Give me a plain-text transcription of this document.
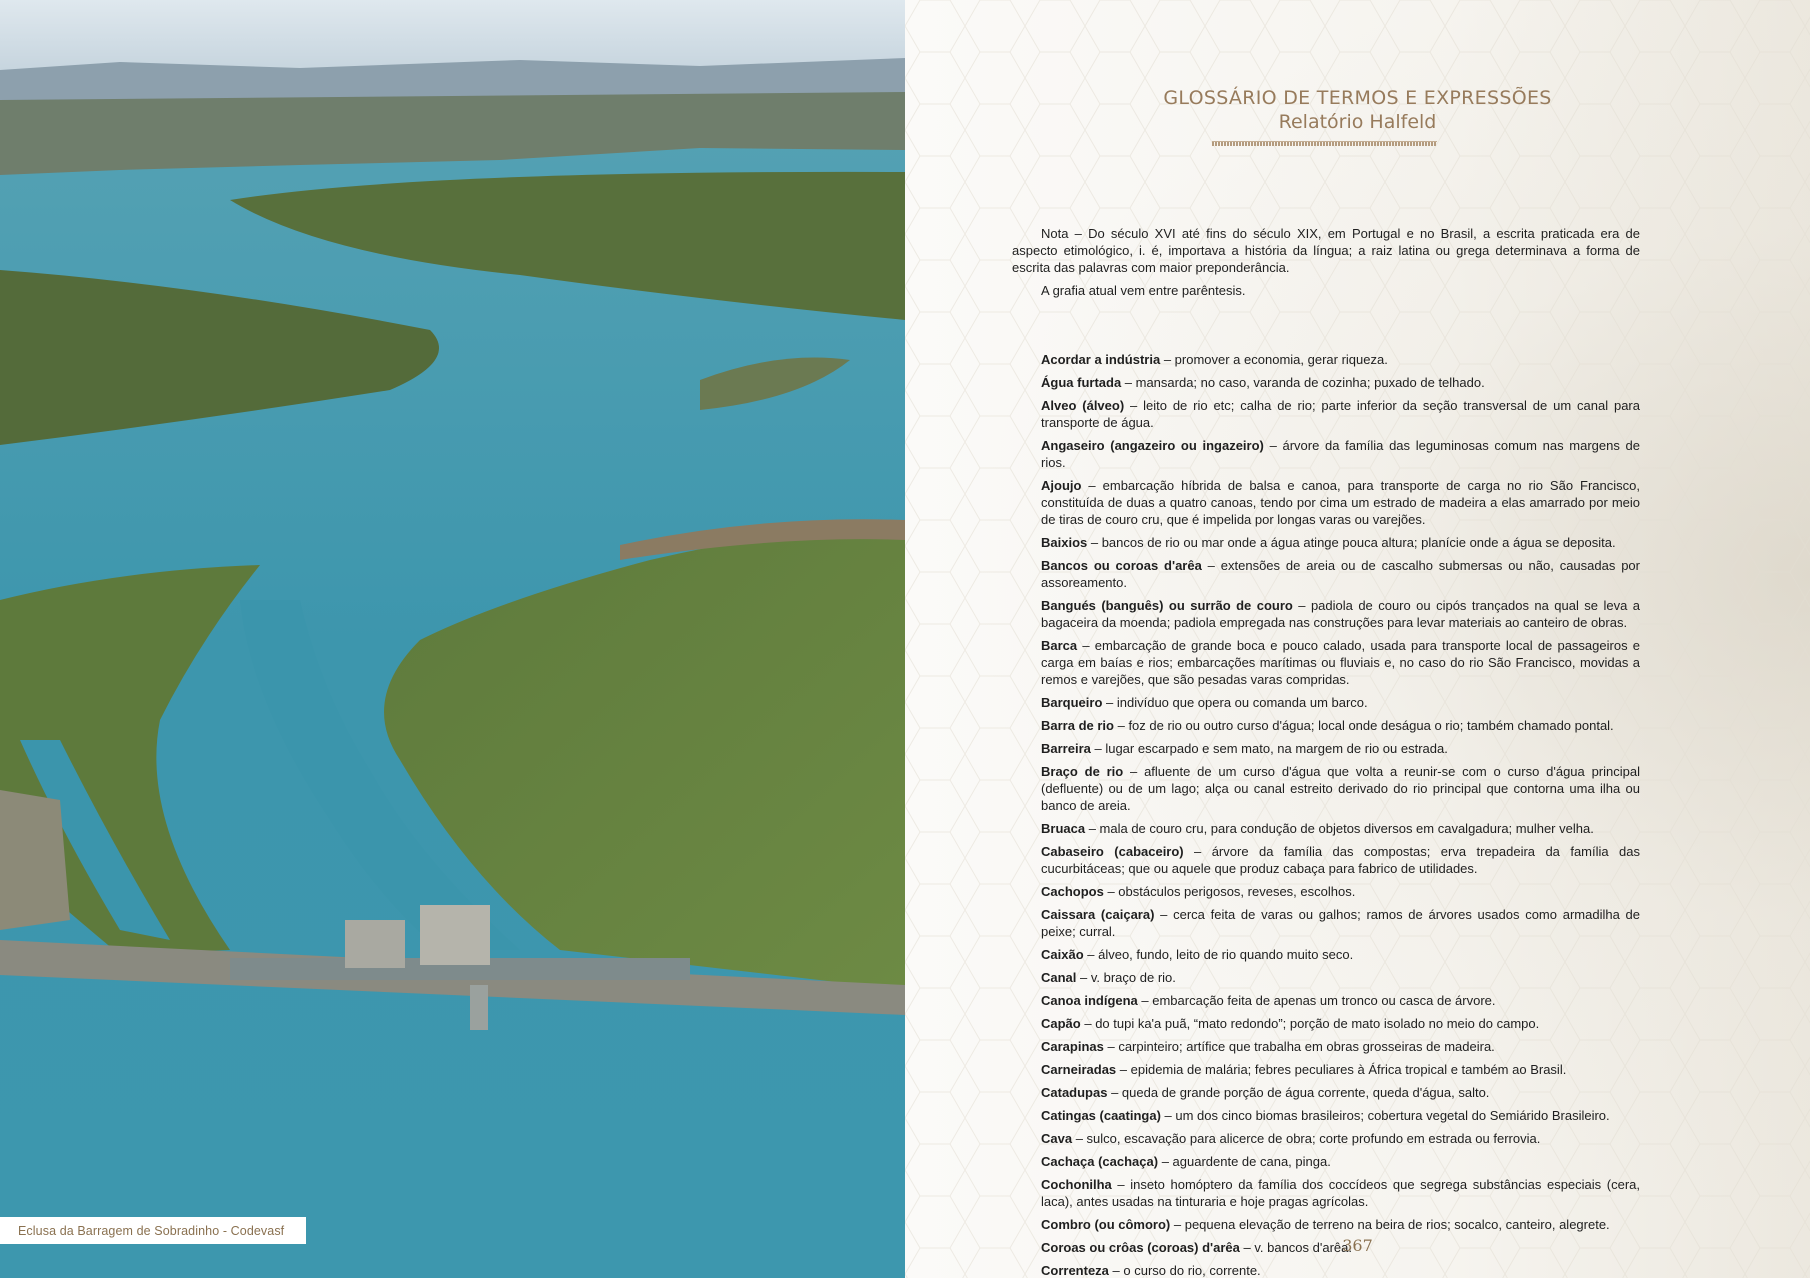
Eclusa da Barragem de Sobradinho - Codevasf
GLOSSÁRIO DE TERMOS E EXPRESSÕES
Relatório Halfeld

Nota – Do século XVI até fins do século XIX, em Portugal e no Brasil, a escrita praticada era de aspecto etimológico, i. é, importava a história da língua; a raiz latina ou grega determinava a forma de escrita das palavras com maior preponderância.

A grafia atual vem entre parêntesis.

Acordar a indústria – promover a economia, gerar riqueza.

Água furtada – mansarda; no caso, varanda de cozinha; puxado de telhado.

Alveo (álveo) – leito de rio etc; calha de rio; parte inferior da seção transversal de um canal para transporte de água.

Angaseiro (angazeiro ou ingazeiro) – árvore da família das leguminosas comum nas margens de rios.

Ajoujo – embarcação híbrida de balsa e canoa, para transporte de carga no rio São Francisco, constituída de duas a quatro canoas, tendo por cima um estrado de madeira a elas amarrado por meio de tiras de couro cru, que é impelida por longas varas ou varejões.

Baixios – bancos de rio ou mar onde a água atinge pouca altura; planície onde a água se deposita.

Bancos ou coroas d'arêa – extensões de areia ou de cascalho submersas ou não, causadas por assoreamento.

Bangués (banguês) ou surrão de couro – padiola de couro ou cipós trançados na qual se leva a bagaceira da moenda; padiola empregada nas construções para levar materiais ao canteiro de obras.

Barca – embarcação de grande boca e pouco calado, usada para transporte local de passageiros e carga em baías e rios; embarcações marítimas ou fluviais e, no caso do rio São Francisco, movidas a remos e varejões, que são pesadas varas compridas.

Barqueiro – indivíduo que opera ou comanda um barco.

Barra de rio – foz de rio ou outro curso d'água; local onde deságua o rio; também chamado pontal.

Barreira – lugar escarpado e sem mato, na margem de rio ou estrada.

Braço de rio – afluente de um curso d'água que volta a reunir-se com o curso d'água principal (defluente) ou de um lago; alça ou canal estreito derivado do rio principal que contorna uma ilha ou banco de areia.

Bruaca – mala de couro cru, para condução de objetos diversos em cavalgadura; mulher velha.

Cabaseiro (cabaceiro) – árvore da família das compostas; erva trepadeira da família das cucurbitáceas; que ou aquele que produz cabaça para fabrico de utilidades.

Cachopos – obstáculos perigosos, reveses, escolhos.

Caissara (caiçara) – cerca feita de varas ou galhos; ramos de árvores usados como armadilha de peixe; curral.

Caixão – álveo, fundo, leito de rio quando muito seco.

Canal – v. braço de rio.

Canoa indígena – embarcação feita de apenas um tronco ou casca de árvore.

Capão – do tupi ka'a puã, “mato redondo”; porção de mato isolado no meio do campo.

Carapinas – carpinteiro; artífice que trabalha em obras grosseiras de madeira.

Carneiradas – epidemia de malária; febres peculiares à África tropical e também ao Brasil.

Catadupas – queda de grande porção de água corrente, queda d'água, salto.

Catingas (caatinga) – um dos cinco biomas brasileiros; cobertura vegetal do Semiárido Brasileiro.

Cava – sulco, escavação para alicerce de obra; corte profundo em estrada ou ferrovia.

Cachaça (cachaça) – aguardente de cana, pinga.

Cochonilha – inseto homóptero da família dos coccídeos que segrega substâncias especiais (cera, laca), antes usadas na tinturaria e hoje pragas agrícolas.

Combro (ou cômoro) – pequena elevação de terreno na beira de rios; socalco, canteiro, alegrete.

Coroas ou crôas (coroas) d'arêa – v. bancos d'arêa.

Correnteza – o curso do rio, corrente.

367
